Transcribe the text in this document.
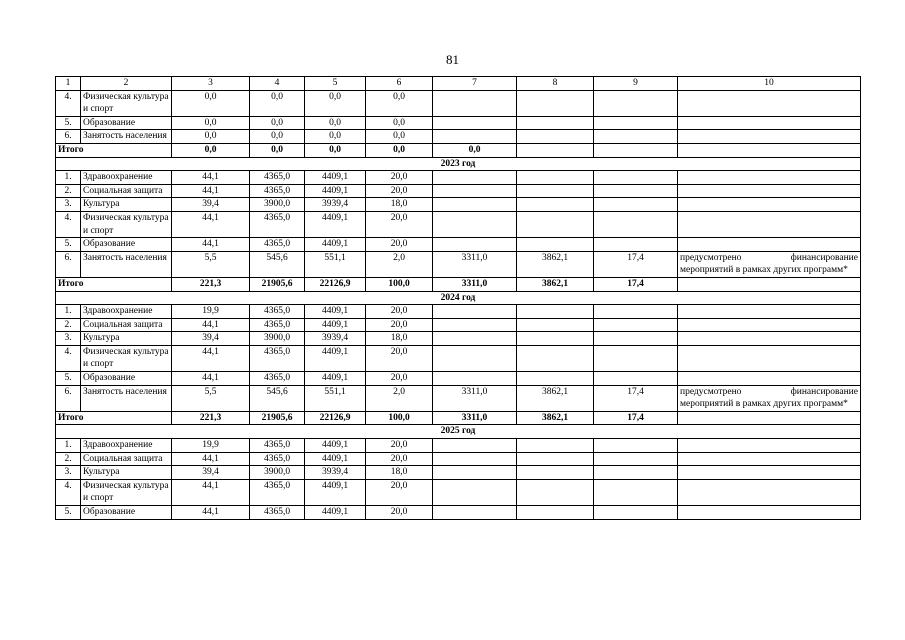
81
1	2	3	4	5	6	7	8	9	10
4.	Физическая культура и спорт	0,0	0,0	0,0	0,0				
5.	Образование	0,0	0,0	0,0	0,0				
6.	Занятость населения	0,0	0,0	0,0	0,0				
Итого		0,0	0,0	0,0	0,0	0,0			
2023 год									
1.	Здравоохранение	44,1	4365,0	4409,1	20,0				
2.	Социальная защита	44,1	4365,0	4409,1	20,0				
3.	Культура	39,4	3900,0	3939,4	18,0				
4.	Физическая культура и спорт	44,1	4365,0	4409,1	20,0				
5.	Образование	44,1	4365,0	4409,1	20,0				
6.	Занятость населения	5,5	545,6	551,1	2,0	3311,0	3862,1	17,4	предусмотрено финансирование мероприятий в рамках других программ*
Итого		221,3	21905,6	22126,9	100,0	3311,0	3862,1	17,4	
2024 год									
1.	Здравоохранение	19,9	4365,0	4409,1	20,0				
2.	Социальная защита	44,1	4365,0	4409,1	20,0				
3.	Культура	39,4	3900,0	3939,4	18,0				
4.	Физическая культура и спорт	44,1	4365,0	4409,1	20,0				
5.	Образование	44,1	4365,0	4409,1	20,0				
6.	Занятость населения	5,5	545,6	551,1	2,0	3311,0	3862,1	17,4	предусмотрено финансирование мероприятий в рамках других программ*
Итого		221,3	21905,6	22126,9	100,0	3311,0	3862,1	17,4	
2025 год									
1.	Здравоохранение	19,9	4365,0	4409,1	20,0				
2.	Социальная защита	44,1	4365,0	4409,1	20,0				
3.	Культура	39,4	3900,0	3939,4	18,0				
4.	Физическая культура и спорт	44,1	4365,0	4409,1	20,0				
5.	Образование	44,1	4365,0	4409,1	20,0				
